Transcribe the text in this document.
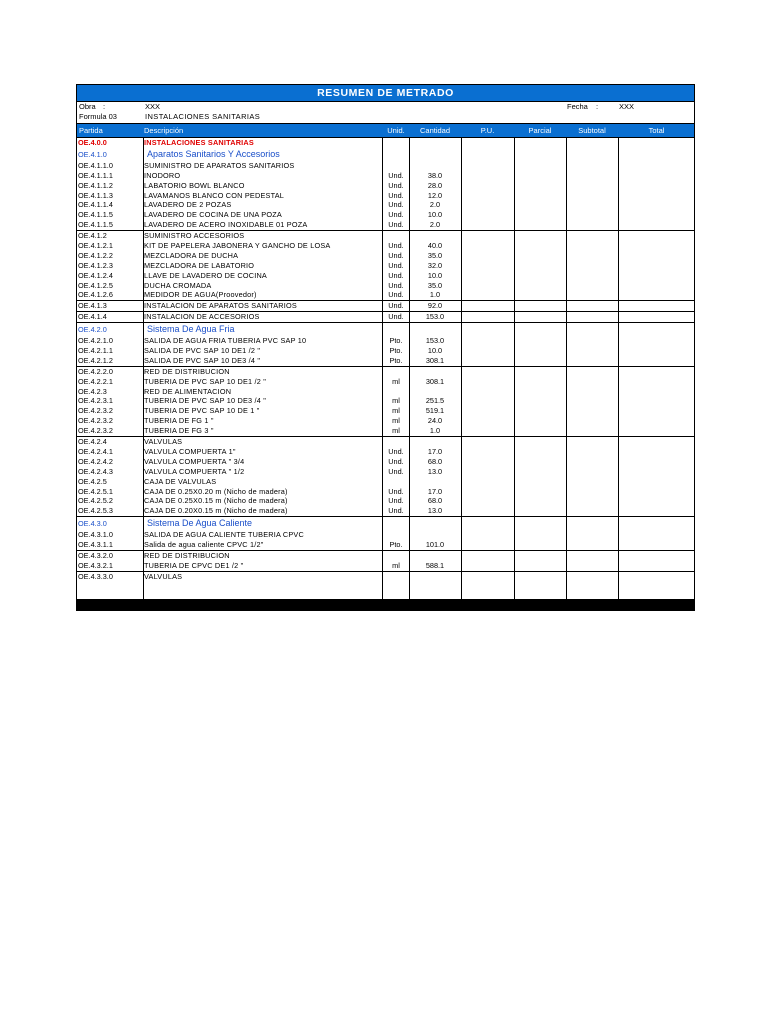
RESUMEN DE METRADO
Obra :	XXX	Fecha :	XXX
Formula 03	INSTALACIONES SANITARIAS
Partida	Descripción	Unid.	Cantidad	P.U.	Parcial	Subtotal	Total
OE.4.0.0	INSTALACIONES SANITARIAS
OE.4.1.0	Aparatos Sanitarios Y Accesorios
OE.4.1.1.0	SUMINISTRO DE APARATOS SANITARIOS
OE.4.1.1.1	INODORO	Und.	38.0
OE.4.1.1.2	LABATORIO BOWL BLANCO	Und.	28.0
OE.4.1.1.3	LAVAMANOS BLANCO CON PEDESTAL	Und.	12.0
OE.4.1.1.4	LAVADERO DE 2 POZAS	Und.	2.0
OE.4.1.1.5	LAVADERO DE COCINA DE UNA POZA	Und.	10.0
OE.4.1.1.5	LAVADERO DE ACERO INOXIDABLE 01 POZA	Und.	2.0
OE.4.1.2	SUMINISTRO ACCESORIOS
OE.4.1.2.1	KIT DE PAPELERA JABONERA Y GANCHO DE LOSA	Und.	40.0
OE.4.1.2.2	MEZCLADORA DE DUCHA	Und.	35.0
OE.4.1.2.3	MEZCLADORA DE LABATORIO	Und.	32.0
OE.4.1.2.4	LLAVE DE LAVADERO DE COCINA	Und.	10.0
OE.4.1.2.5	DUCHA CROMADA	Und.	35.0
OE.4.1.2.6	MEDIDOR DE AGUA(Proovedor)	Und.	1.0
OE.4.1.3	INSTALACION DE APARATOS SANITARIOS	Und.	92.0
OE.4.1.4	INSTALACION DE ACCESORIOS	Und.	153.0
OE.4.2.0	Sistema De Agua Fria
OE.4.2.1.0	SALIDA DE AGUA FRIA TUBERIA PVC SAP 10	Pto.	153.0
OE.4.2.1.1	SALIDA DE PVC SAP 10 DE1 /2 "	Pto.	10.0
OE.4.2.1.2	SALIDA DE PVC SAP 10 DE3 /4 "	Pto.	308.1
OE.4.2.2.0	RED DE DISTRIBUCION
OE.4.2.2.1	TUBERIA DE PVC SAP 10 DE1 /2 "	ml	308.1
OE.4.2.3	RED DE ALIMENTACION
OE.4.2.3.1	TUBERIA DE PVC SAP 10 DE3 /4 "	ml	251.5
OE.4.2.3.2	TUBERIA DE PVC SAP 10 DE 1 "	ml	519.1
OE.4.2.3.2	TUBERIA DE FG 1 "	ml	24.0
OE.4.2.3.2	TUBERIA DE FG 3 "	ml	1.0
OE.4.2.4	VALVULAS
OE.4.2.4.1	VALVULA COMPUERTA 1"	Und.	17.0
OE.4.2.4.2	VALVULA COMPUERTA " 3/4	Und.	68.0
OE.4.2.4.3	VALVULA COMPUERTA " 1/2	Und.	13.0
OE.4.2.5	CAJA DE VALVULAS
OE.4.2.5.1	CAJA DE 0.25X0.20 m (Nicho de madera)	Und.	17.0
OE.4.2.5.2	CAJA DE 0.25X0.15 m (Nicho de madera)	Und.	68.0
OE.4.2.5.3	CAJA DE 0.20X0.15 m (Nicho de madera)	Und.	13.0
OE.4.3.0	Sistema De Agua Caliente
OE.4.3.1.0	SALIDA DE AGUA CALIENTE TUBERIA CPVC
OE.4.3.1.1	Salida de agua caliente CPVC 1/2"	Pto.	101.0
OE.4.3.2.0	RED DE DISTRIBUCION
OE.4.3.2.1	TUBERIA DE CPVC DE1 /2 "	ml	588.1
OE.4.3.3.0	VALVULAS
